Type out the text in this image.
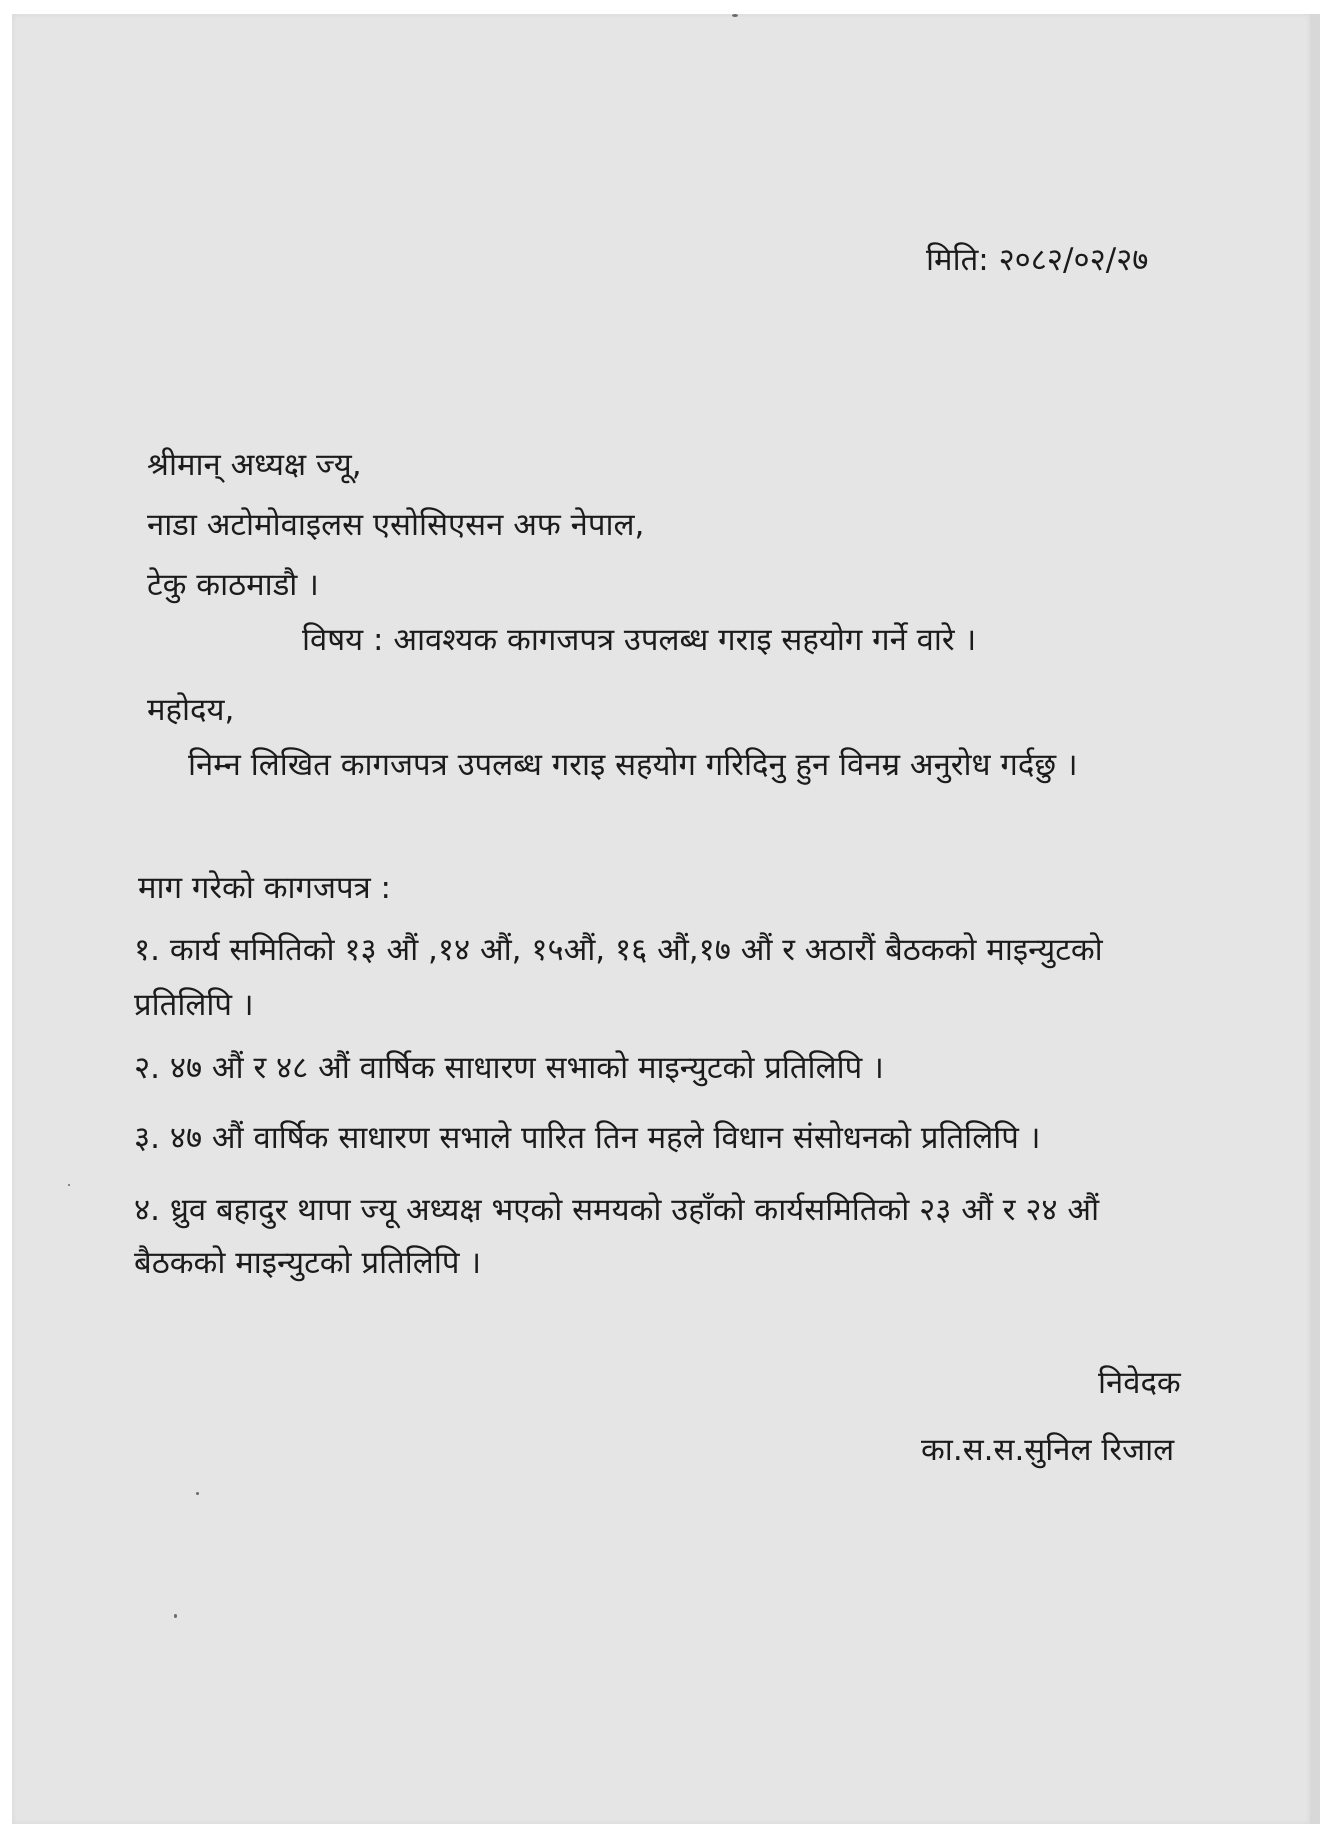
मिति: २०८२/०२/२७
श्रीमान् अध्यक्ष ज्यू,
नाडा अटोमोवाइलस एसोसिएसन अफ नेपाल,
टेकु काठमाडौ ।
विषय : आवश्यक कागजपत्र उपलब्ध गराइ सहयोग गर्ने वारे ।
महोदय,
निम्न लिखित कागजपत्र उपलब्ध गराइ सहयोग गरिदिनु हुन विनम्र अनुरोध गर्दछु ।
माग गरेको कागजपत्र :
१. कार्य समितिको १३ औं ,१४ औं, १५औं, १६ औं,१७ औं र अठारौं बैठकको माइन्युटको
प्रतिलिपि ।
२. ४७ औं र ४८ औं वार्षिक साधारण सभाको माइन्युटको प्रतिलिपि ।
३. ४७ औं वार्षिक साधारण सभाले पारित तिन महले विधान संसोधनको प्रतिलिपि ।
४. ध्रुव बहादुर थापा ज्यू अध्यक्ष भएको समयको उहाँको कार्यसमितिको २३ औं र २४ औं
बैठकको माइन्युटको प्रतिलिपि ।
निवेदक
का.स.स.सुनिल रिजाल
